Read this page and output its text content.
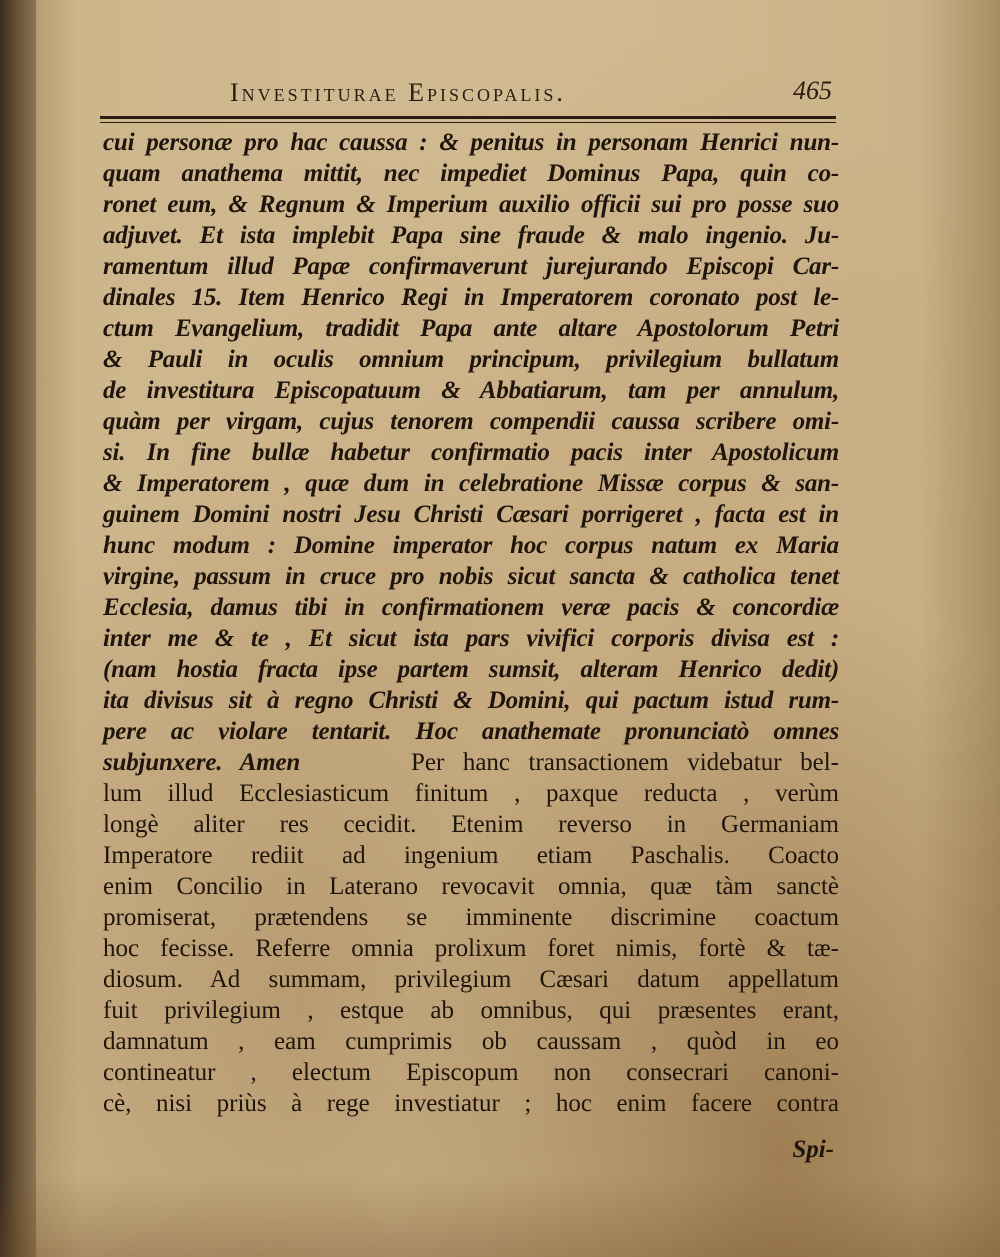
Investiturae Episcopalis.	465
cui personæ pro hac caussa : & penitus in personam Henrici nun-
quam anathema mittit, nec impediet Dominus Papa, quin co-
ronet eum, & Regnum & Imperium auxilio officii sui pro posse suo
adjuvet. Et ista implebit Papa sine fraude & malo ingenio. Ju-
ramentum illud Papæ confirmaverunt jurejurando Episcopi Car-
dinales 15. Item Henrico Regi in Imperatorem coronato post le-
ctum Evangelium, tradidit Papa ante altare Apostolorum Petri
& Pauli in oculis omnium principum, privilegium bullatum
de investitura Episcopatuum & Abbatiarum, tam per annulum,
quàm per virgam, cujus tenorem compendii caussa scribere omi-
si. In fine bullæ habetur confirmatio pacis inter Apostolicum
& Imperatorem , quæ dum in celebratione Missæ corpus & san-
guinem Domini nostri Jesu Christi Cæsari porrigeret , facta est in
hunc modum : Domine imperator hoc corpus natum ex Maria
virgine, passum in cruce pro nobis sicut sancta & catholica tenet
Ecclesia, damus tibi in confirmationem veræ pacis & concordiæ
inter me & te , Et sicut ista pars vivifici corporis divisa est :
(nam hostia fracta ipse partem sumsit, alteram Henrico dedit)
ita divisus sit à regno Christi & Domini, qui pactum istud rum-
pere ac violare tentarit. Hoc anathemate pronunciatò omnes
subjunxere. Amen	Per hanc transactionem videbatur bel-
lum illud Ecclesiasticum finitum , paxque reducta , verùm
longè aliter res cecidit. Etenim reverso in Germaniam
Imperatore rediit ad ingenium etiam Paschalis. Coacto
enim Concilio in Laterano revocavit omnia, quæ tàm sanctè
promiserat, prætendens se imminente discrimine coactum
hoc fecisse. Referre omnia prolixum foret nimis, fortè & tæ-
diosum. Ad summam, privilegium Cæsari datum appellatum
fuit privilegium , estque ab omnibus, qui præsentes erant,
damnatum , eam cumprimis ob caussam , quòd in eo
contineatur , electum Episcopum non consecrari canoni-
cè, nisi priùs à rege investiatur ; hoc enim facere contra
Spi-
